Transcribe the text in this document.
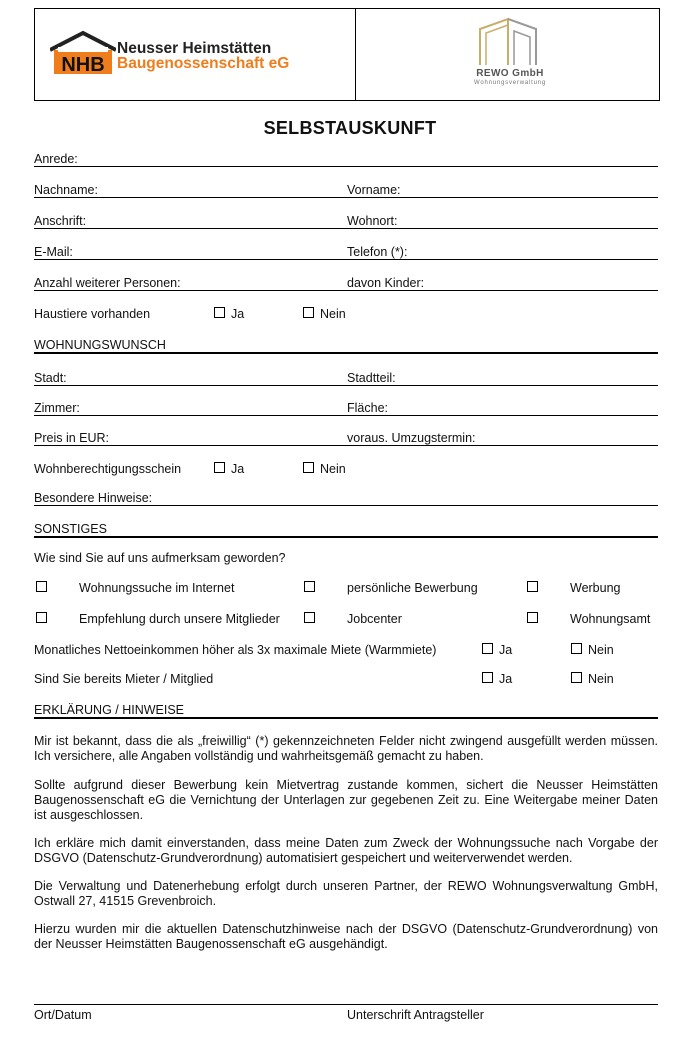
NHB
Neusser Heimstätten
Baugenossenschaft eG
REWO GmbH
Wohnungsverwaltung
SELBSTAUSKUNFT
Anrede:
Nachname:	Vorname:
Anschrift:	Wohnort:
E-Mail:	Telefon (*):
Anzahl weiterer Personen:	davon Kinder:
Haustiere vorhanden	Ja	Nein
WOHNUNGSWUNSCH
Stadt:	Stadtteil:
Zimmer:	Fläche:
Preis in EUR:	voraus. Umzugstermin:
Wohnberechtigungsschein	Ja	Nein
Besondere Hinweise:
SONSTIGES
Wie sind Sie auf uns aufmerksam geworden?
Wohnungssuche im Internet	persönliche Bewerbung	Werbung
Empfehlung durch unsere Mitglieder	Jobcenter	Wohnungsamt
Monatliches Nettoeinkommen höher als 3x maximale Miete (Warmmiete)	Ja	Nein
Sind Sie bereits Mieter / Mitglied	Ja	Nein
ERKLÄRUNG / HINWEISE
Mir ist bekannt, dass die als „freiwillig“ (*) gekennzeichneten Felder nicht zwingend ausgefüllt werden müssen. Ich versichere, alle Angaben vollständig und wahrheitsgemäß gemacht zu haben.
Sollte aufgrund dieser Bewerbung kein Mietvertrag zustande kommen, sichert die Neusser Heimstätten Baugenossenschaft eG die Vernichtung der Unterlagen zur gegebenen Zeit zu. Eine Weitergabe meiner Daten ist ausgeschlossen.
Ich erkläre mich damit einverstanden, dass meine Daten zum Zweck der Wohnungssuche nach Vorgabe der DSGVO (Datenschutz-Grundverordnung) automatisiert gespeichert und weiterverwendet werden.
Die Verwaltung und Datenerhebung erfolgt durch unseren Partner, der REWO Wohnungsverwaltung GmbH, Ostwall 27, 41515 Grevenbroich.
Hierzu wurden mir die aktuellen Datenschutzhinweise nach der DSGVO (Datenschutz-Grundverordnung) von der Neusser Heimstätten Baugenossenschaft eG ausgehändigt.
Ort/Datum	Unterschrift Antragsteller
